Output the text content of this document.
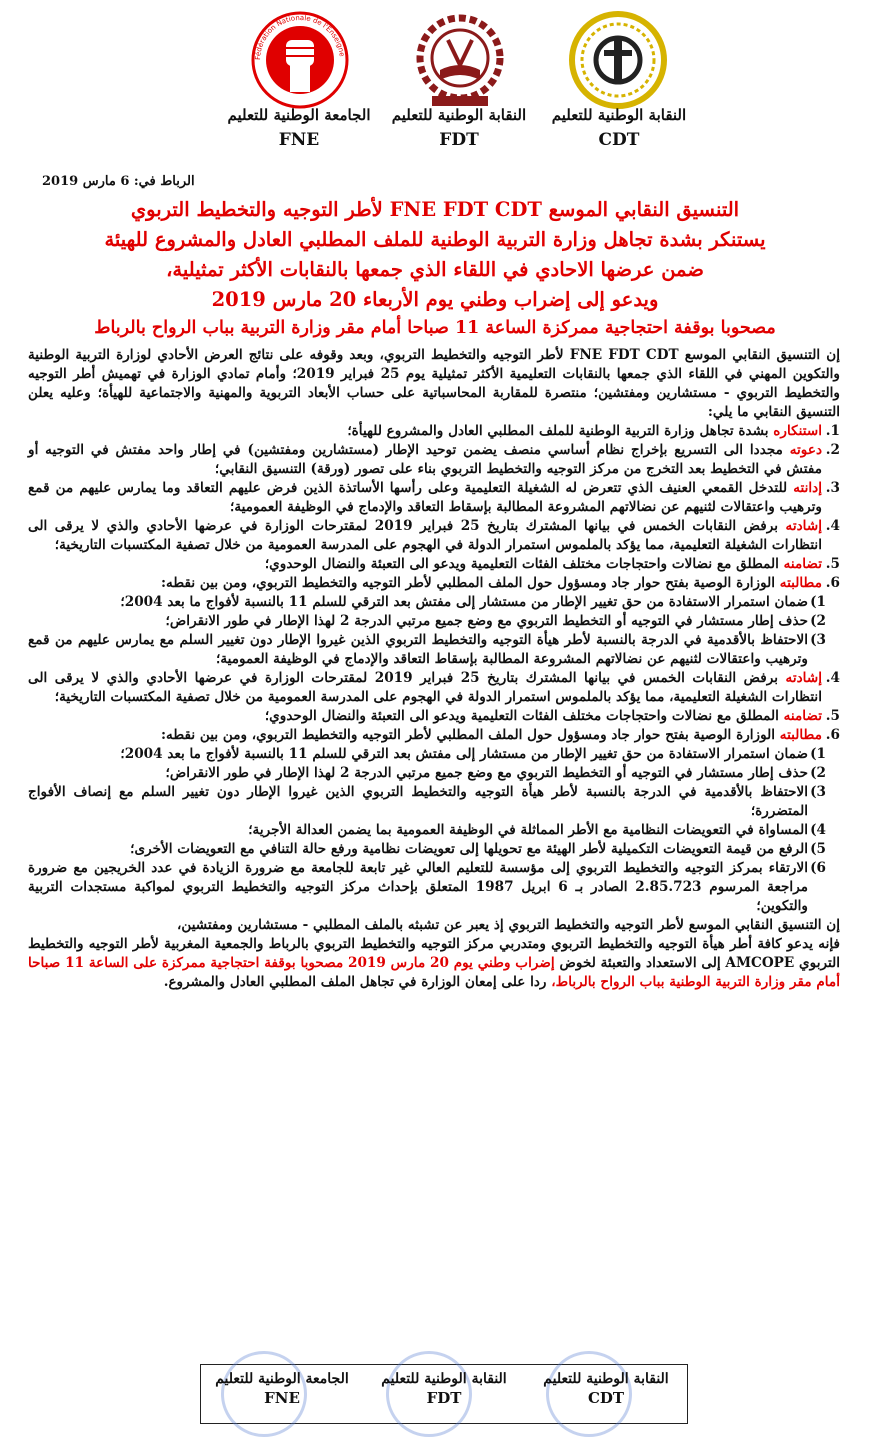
Fédération Nationale de l'Enseigne
النقابة الوطنية للتعليم
CDT
النقابة الوطنية للتعليم
FDT
الجامعة الوطنية للتعليم
FNE
الرباط في: 6 مارس 2019
التنسيق النقابي الموسع FNE FDT CDT لأطر التوجيه والتخطيط التربوي
يستنكر بشدة تجاهل وزارة التربية الوطنية للملف المطلبي العادل والمشروع للهيئة
ضمن عرضها الاحادي في اللقاء الذي جمعها بالنقابات الأكثر تمثيلية،
ويدعو إلى إضراب وطني يوم الأربعاء 20 مارس 2019
مصحوبا بوقفة احتجاجية ممركزة الساعة 11 صباحا أمام مقر وزارة التربية بباب الرواح بالرباط

إن التنسيق النقابي الموسع FNE FDT CDT لأطر التوجيه والتخطيط التربوي، وبعد وقوفه على نتائج العرض الأحادي لوزارة التربية الوطنية والتكوين المهني في اللقاء الذي جمعها بالنقابات التعليمية الأكثر تمثيلية يوم 25 فبراير 2019؛ وأمام تمادي الوزارة في تهميش أطر التوجيه والتخطيط التربوي - مستشارين ومفتشين؛ منتصرة للمقاربة المحاسباتية على حساب الأبعاد التربوية والمهنية والاجتماعية للهيأة؛ وعليه يعلن التنسيق النقابي ما يلي:

1.
استنكاره بشدة تجاهل وزارة التربية الوطنية للملف المطلبي العادل والمشروع للهيأة؛
2.
دعوته مجددا الى التسريع بإخراج نظام أساسي منصف يضمن توحيد الإطار (مستشارين ومفتشين) في إطار واحد مفتش في التوجيه أو مفتش في التخطيط بعد التخرج من مركز التوجيه والتخطيط التربوي بناء على تصور (ورقة) التنسيق النقابي؛
3.
إدانته للتدخل القمعي العنيف الذي تتعرض له الشغيلة التعليمية وعلى رأسها الأساتذة الذين فرض عليهم التعاقد وما يمارس عليهم من قمع وترهيب واعتقالات لثنيهم عن نضالاتهم المشروعة المطالبة بإسقاط التعاقد والإدماج في الوظيفة العمومية؛
4.
إشادته برفض النقابات الخمس في بيانها المشترك بتاريخ 25 فبراير 2019 لمقترحات الوزارة في عرضها الأحادي والذي لا يرقى الى انتظارات الشغيلة التعليمية، مما يؤكد بالملموس استمرار الدولة في الهجوم على المدرسة العمومية من خلال تصفية المكتسبات التاريخية؛
5.
تضامنه المطلق مع نضالات واحتجاجات مختلف الفئات التعليمية ويدعو الى التعبئة والنضال الوحدوي؛
6.
مطالبته الوزارة الوصية بفتح حوار جاد ومسؤول حول الملف المطلبي لأطر التوجيه والتخطيط التربوي، ومن بين نقطه:
1)
ضمان استمرار الاستفادة من حق تغيير الإطار من مستشار إلى مفتش بعد الترقي للسلم 11 بالنسبة لأفواج ما بعد 2004؛
2)
حذف إطار مستشار في التوجيه أو التخطيط التربوي مع وضع جميع مرتبي الدرجة 2 لهذا الإطار في طور الانقراض؛
3)
الاحتفاظ بالأقدمية في الدرجة بالنسبة لأطر هيأة التوجيه والتخطيط التربوي الذين غيروا الإطار دون تغيير السلم مع يمارس عليهم من قمع وترهيب واعتقالات لثنيهم عن نضالاتهم المشروعة المطالبة بإسقاط التعاقد والإدماج في الوظيفة العمومية؛
4.
إشادته برفض النقابات الخمس في بيانها المشترك بتاريخ 25 فبراير 2019 لمقترحات الوزارة في عرضها الأحادي والذي لا يرقى الى انتظارات الشغيلة التعليمية، مما يؤكد بالملموس استمرار الدولة في الهجوم على المدرسة العمومية من خلال تصفية المكتسبات التاريخية؛
5.
تضامنه المطلق مع نضالات واحتجاجات مختلف الفئات التعليمية ويدعو الى التعبئة والنضال الوحدوي؛
6.
مطالبته الوزارة الوصية بفتح حوار جاد ومسؤول حول الملف المطلبي لأطر التوجيه والتخطيط التربوي، ومن بين نقطه:
1)
ضمان استمرار الاستفادة من حق تغيير الإطار من مستشار إلى مفتش بعد الترقي للسلم 11 بالنسبة لأفواج ما بعد 2004؛
2)
حذف إطار مستشار في التوجيه أو التخطيط التربوي مع وضع جميع مرتبي الدرجة 2 لهذا الإطار في طور الانقراض؛
3)
الاحتفاظ بالأقدمية في الدرجة بالنسبة لأطر هيأة التوجيه والتخطيط التربوي الذين غيروا الإطار دون تغيير السلم مع إنصاف الأفواج المتضررة؛
4)
المساواة في التعويضات النظامية مع الأطر المماثلة في الوظيفة العمومية بما يضمن العدالة الأجرية؛
5)
الرفع من قيمة التعويضات التكميلية لأطر الهيئة مع تحويلها إلى تعويضات نظامية ورفع حالة التنافي مع التعويضات الأخرى؛
6)
الارتقاء بمركز التوجيه والتخطيط التربوي إلى مؤسسة للتعليم العالي غير تابعة للجامعة مع ضرورة الزيادة في عدد الخريجين مع ضرورة مراجعة المرسوم 2.85.723 الصادر بـ 6 ابريل 1987 المتعلق بإحداث مركز التوجيه والتخطيط التربوي لمواكبة مستجدات التربية والتكوين؛

إن التنسيق النقابي الموسع لأطر التوجيه والتخطيط التربوي إذ يعبر عن تشبثه بالملف المطلبي - مستشارين ومفتشين،

فإنه يدعو كافة أطر هيأة التوجيه والتخطيط التربوي ومتدربي مركز التوجيه والتخطيط التربوي بالرباط والجمعية المغربية لأطر التوجيه والتخطيط التربوي AMCOPE إلى الاستعداد والتعبئة لخوض إضراب وطني يوم 20 مارس 2019 مصحوبا بوقفة احتجاجية ممركزة على الساعة 11 صباحا أمام مقر وزارة التربية الوطنية بباب الرواح بالرباط، ردا على إمعان الوزارة في تجاهل الملف المطلبي العادل والمشروع.

النقابة الوطنية للتعليم
CDT
النقابة الوطنية للتعليم
FDT
الجامعة الوطنية للتعليم
FNE
